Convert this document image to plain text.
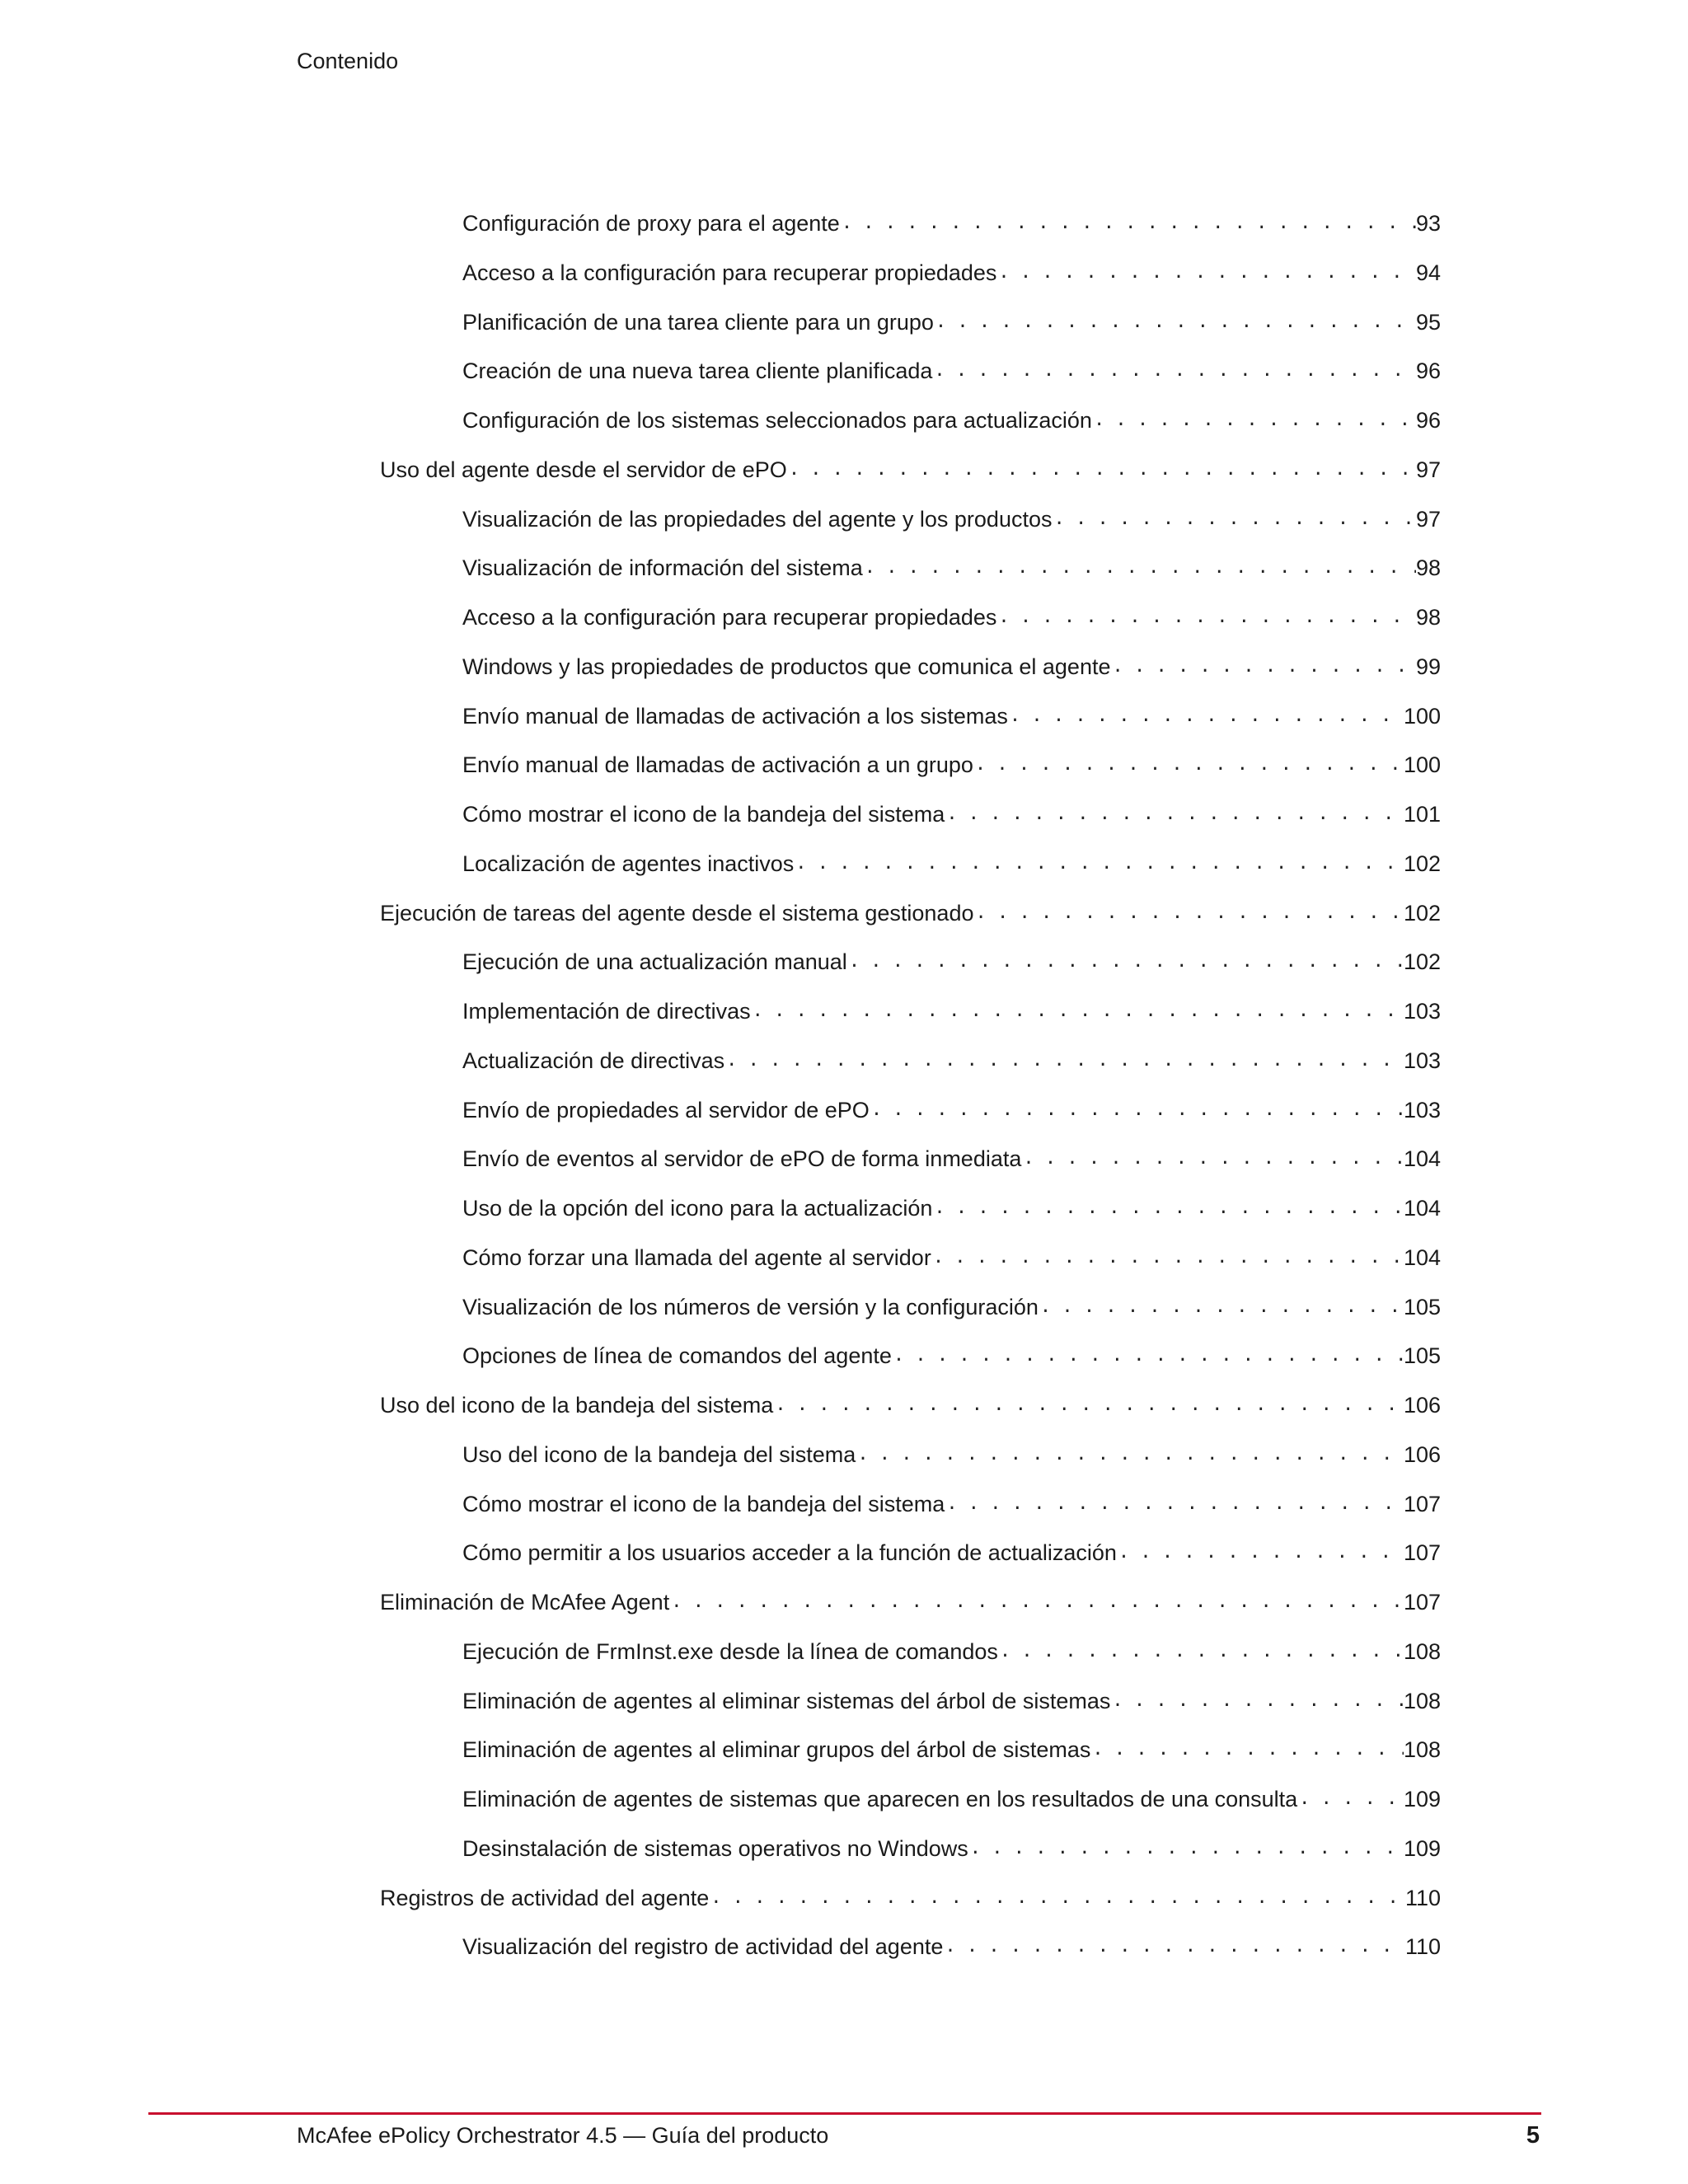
Contenido
Configuración de proxy para el agente . . .	93
Acceso a la configuración para recuperar propiedades . . .	94
Planificación de una tarea cliente para un grupo . . .	95
Creación de una nueva tarea cliente planificada . . .	96
Configuración de los sistemas seleccionados para actualización . . .	96
Uso del agente desde el servidor de ePO . . .	97
Visualización de las propiedades del agente y los productos . . .	97
Visualización de información del sistema . . .	98
Acceso a la configuración para recuperar propiedades . . .	98
Windows y las propiedades de productos que comunica el agente . . .	99
Envío manual de llamadas de activación a los sistemas . . .	100
Envío manual de llamadas de activación a un grupo . . .	100
Cómo mostrar el icono de la bandeja del sistema . . .	101
Localización de agentes inactivos . . .	102
Ejecución de tareas del agente desde el sistema gestionado . . .	102
Ejecución de una actualización manual . . .	102
Implementación de directivas . . .	103
Actualización de directivas . . .	103
Envío de propiedades al servidor de ePO . . .	103
Envío de eventos al servidor de ePO de forma inmediata . . .	104
Uso de la opción del icono para la actualización . . .	104
Cómo forzar una llamada del agente al servidor . . .	104
Visualización de los números de versión y la configuración . . .	105
Opciones de línea de comandos del agente . . .	105
Uso del icono de la bandeja del sistema . . .	106
Uso del icono de la bandeja del sistema . . .	106
Cómo mostrar el icono de la bandeja del sistema . . .	107
Cómo permitir a los usuarios acceder a la función de actualización . . .	107
Eliminación de McAfee Agent . . .	107
Ejecución de FrmInst.exe desde la línea de comandos . . .	108
Eliminación de agentes al eliminar sistemas del árbol de sistemas . . .	108
Eliminación de agentes al eliminar grupos del árbol de sistemas . . .	108
Eliminación de agentes de sistemas que aparecen en los resultados de una consulta . . .	109
Desinstalación de sistemas operativos no Windows . . .	109
Registros de actividad del agente . . .	110
Visualización del registro de actividad del agente . . .	110
McAfee ePolicy Orchestrator 4.5 — Guía del producto	5
